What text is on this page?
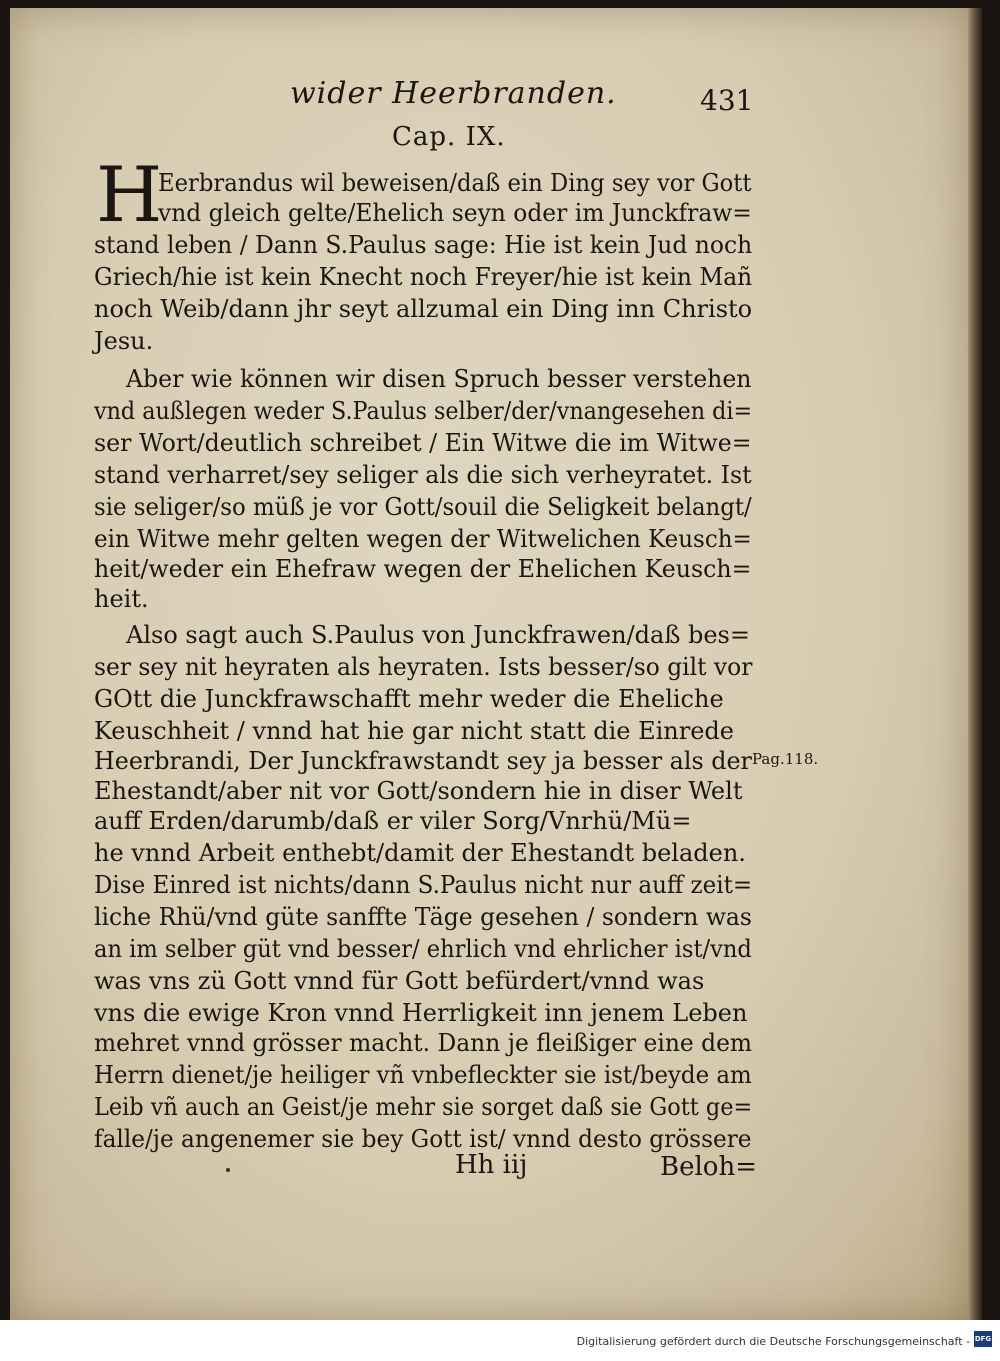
wider Heerbranden.	431
Cap. IX.
H
Eerbrandus wil beweisen/daß ein Ding sey vor Gott
vnd gleich gelte/Ehelich seyn oder im Junckfraw=
stand leben / Dann S.Paulus sage: Hie ist kein Jud noch
Griech/hie ist kein Knecht noch Freyer/hie ist kein Mañ
noch Weib/dann jhr seyt allzumal ein Ding inn Christo
Jesu.
Aber wie können wir disen Spruch besser verstehen
vnd außlegen weder S.Paulus selber/der/vnangesehen di=
ser Wort/deutlich schreibet / Ein Witwe die im Witwe=
stand verharret/sey seliger als die sich verheyratet. Ist
sie seliger/so müß je vor Gott/souil die Seligkeit belangt/
ein Witwe mehr gelten wegen der Witwelichen Keusch=
heit/weder ein Ehefraw wegen der Ehelichen Keusch=
heit.
Also sagt auch S.Paulus von Junckfrawen/daß bes=
ser sey nit heyraten als heyraten. Ists besser/so gilt vor
GOtt die Junckfrawschafft mehr weder die Eheliche
Keuschheit / vnnd hat hie gar nicht statt die Einrede
Heerbrandi, Der Junckfrawstandt sey ja besser als der
Ehestandt/aber nit vor Gott/sondern hie in diser Welt
auff Erden/darumb/daß er viler Sorg/Vnrhü/Mü=
he vnnd Arbeit enthebt/damit der Ehestandt beladen.
Dise Einred ist nichts/dann S.Paulus nicht nur auff zeit=
liche Rhü/vnd güte sanffte Täge gesehen / sondern was
an im selber güt vnd besser/ ehrlich vnd ehrlicher ist/vnd
was vns zü Gott vnnd für Gott befürdert/vnnd was
vns die ewige Kron vnnd Herrligkeit inn jenem Leben
mehret vnnd grösser macht. Dann je fleißiger eine dem
Herrn dienet/je heiliger vñ vnbefleckter sie ist/beyde am
Leib vñ auch an Geist/je mehr sie sorget daß sie Gott ge=
falle/je angenemer sie bey Gott ist/ vnnd desto grössere
Pag.118.
Hh iij	Beloh=
Digitalisierung gefördert durch die Deutsche Forschungsgemeinschaft - DFG
